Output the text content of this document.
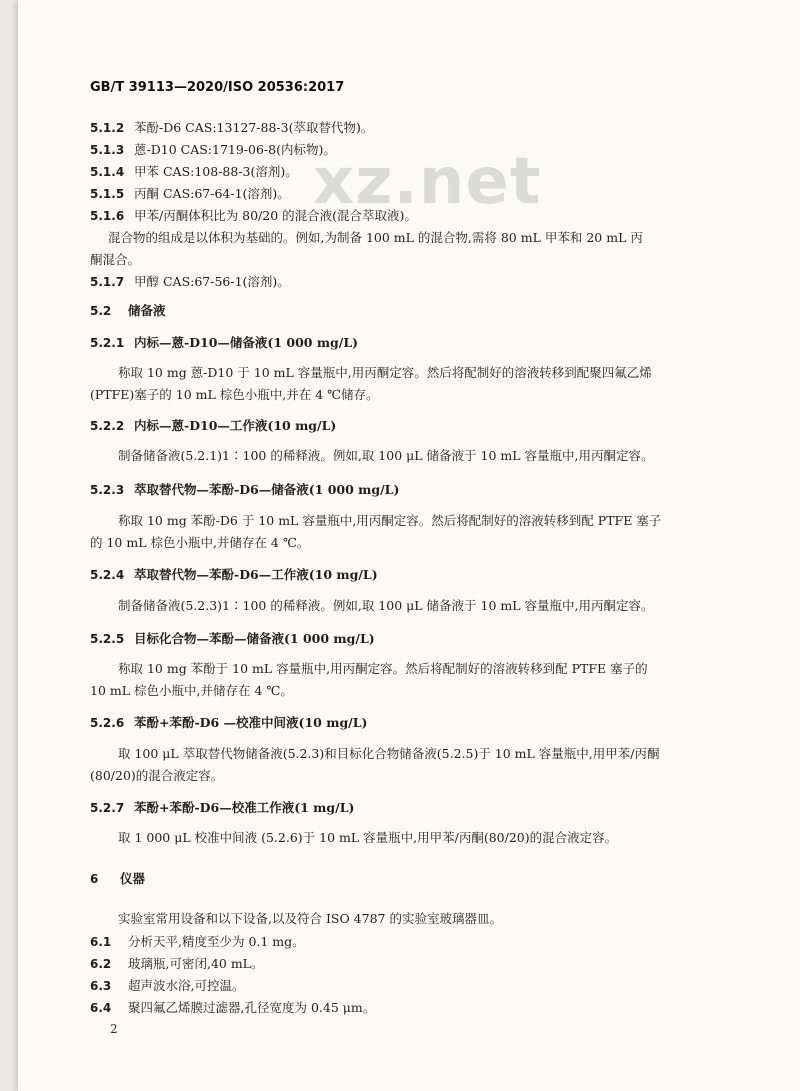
GB/T 39113—2020/ISO 20536:2017
xz.net
5.1.2 苯酚-D6 CAS:13127-88-3(萃取替代物)。
5.1.3 蒽-D10 CAS:1719-06-8(内标物)。
5.1.4 甲苯 CAS:108-88-3(溶剂)。
5.1.5 丙酮 CAS:67-64-1(溶剂)。
5.1.6 甲苯/丙酮体积比为 80/20 的混合液(混合萃取液)。
混合物的组成是以体积为基础的。例如,为制备 100 mL 的混合物,需将 80 mL 甲苯和 20 mL 丙
酮混合。
5.1.7 甲醇 CAS:67-56-1(溶剂)。
5.2 储备液
5.2.1 内标—蒽-D10—储备液(1 000 mg/L)
称取 10 mg 蒽-D10 于 10 mL 容量瓶中,用丙酮定容。然后将配制好的溶液转移到配聚四氟乙烯
(PTFE)塞子的 10 mL 棕色小瓶中,并在 4 ℃储存。
5.2.2 内标—蒽-D10—工作液(10 mg/L)
制备储备液(5.2.1)1∶100 的稀释液。例如,取 100 μL 储备液于 10 mL 容量瓶中,用丙酮定容。
5.2.3 萃取替代物—苯酚-D6—储备液(1 000 mg/L)
称取 10 mg 苯酚-D6 于 10 mL 容量瓶中,用丙酮定容。然后将配制好的溶液转移到配 PTFE 塞子
的 10 mL 棕色小瓶中,并储存在 4 ℃。
5.2.4 萃取替代物—苯酚-D6—工作液(10 mg/L)
制备储备液(5.2.3)1∶100 的稀释液。例如,取 100 μL 储备液于 10 mL 容量瓶中,用丙酮定容。
5.2.5 目标化合物—苯酚—储备液(1 000 mg/L)
称取 10 mg 苯酚于 10 mL 容量瓶中,用丙酮定容。然后将配制好的溶液转移到配 PTFE 塞子的
10 mL 棕色小瓶中,并储存在 4 ℃。
5.2.6 苯酚+苯酚-D6 —校准中间液(10 mg/L)
取 100 μL 萃取替代物储备液(5.2.3)和目标化合物储备液(5.2.5)于 10 mL 容量瓶中,用甲苯/丙酮
(80/20)的混合液定容。
5.2.7 苯酚+苯酚-D6—校准工作液(1 mg/L)
取 1 000 μL 校准中间液 (5.2.6)于 10 mL 容量瓶中,用甲苯/丙酮(80/20)的混合液定容。
6 仪器
实验室常用设备和以下设备,以及符合 ISO 4787 的实验室玻璃器皿。
6.1 分析天平,精度至少为 0.1 mg。
6.2 玻璃瓶,可密闭,40 mL。
6.3 超声波水浴,可控温。
6.4 聚四氟乙烯膜过滤器,孔径宽度为 0.45 μm。
2
